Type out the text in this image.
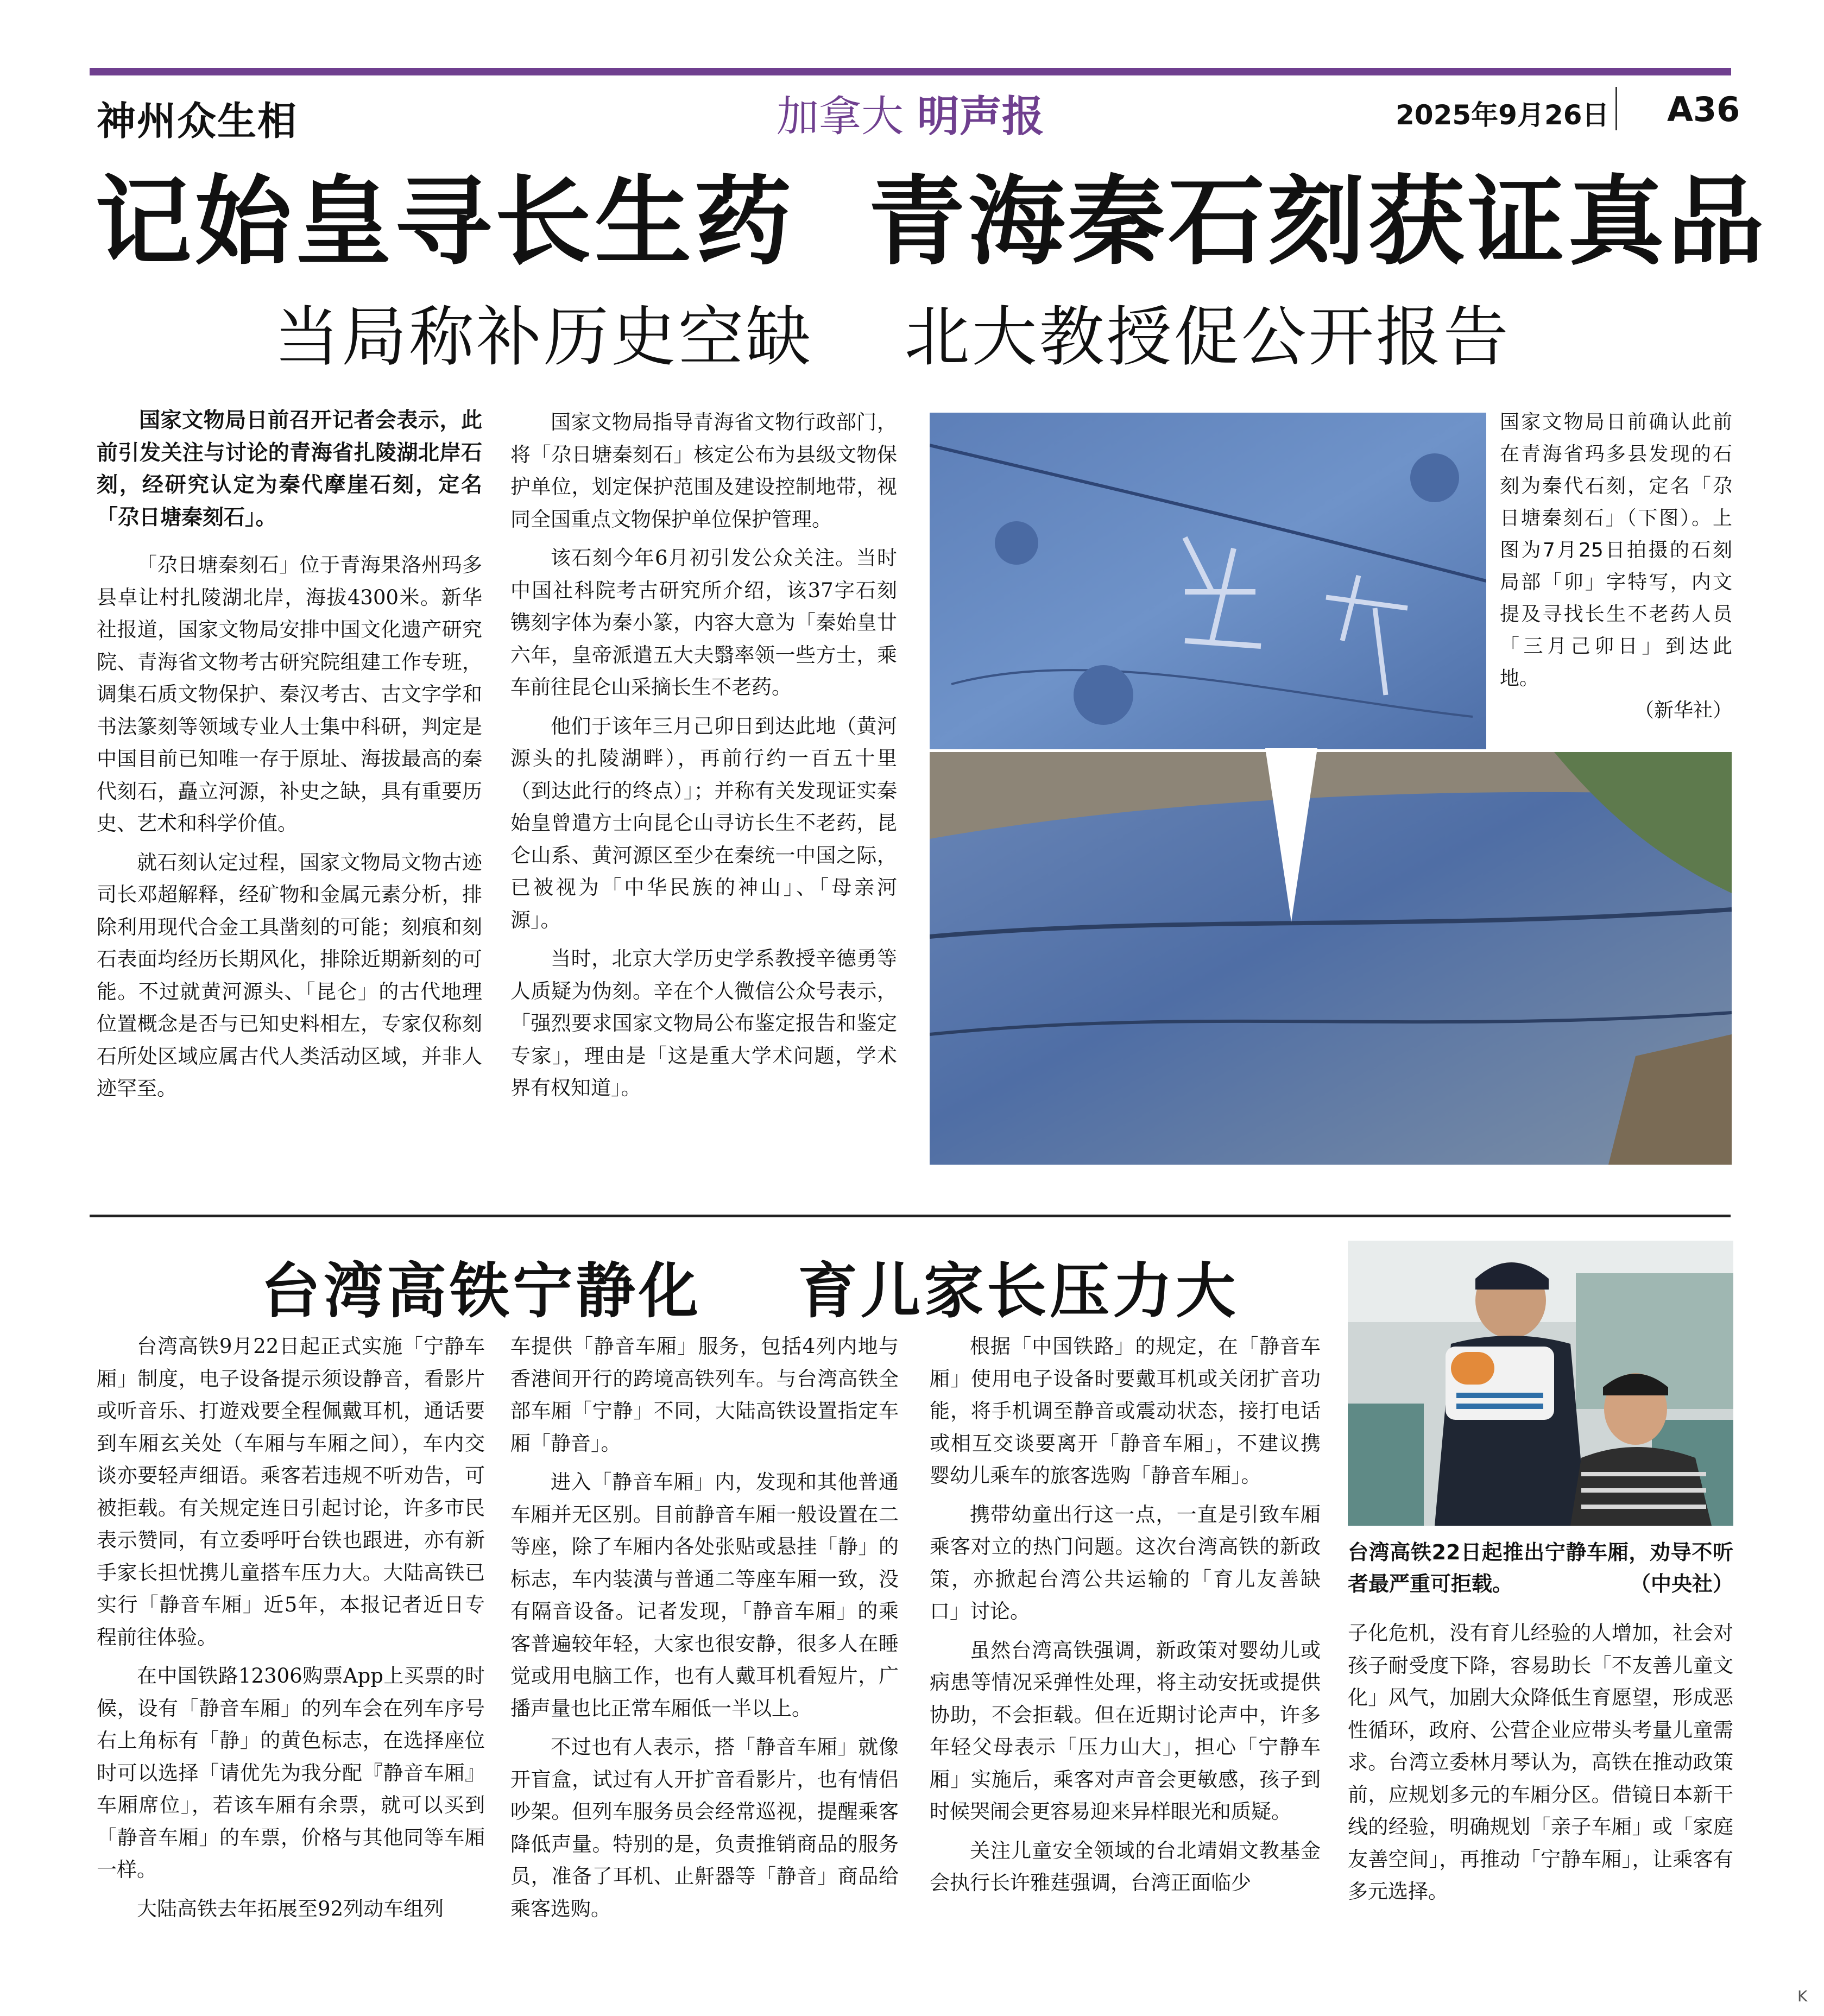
神州众生相	加拿大 明声报	2025年9月26日 A36
记始皇寻长生药  青海秦石刻获证真品
当局称补历史空缺    北大教授促公开报告

国家文物局日前召开记者会表示，此前引发关注与讨论的青海省扎陵湖北岸石刻，经研究认定为秦代摩崖石刻，定名「尕日塘秦刻石」。

「尕日塘秦刻石」位于青海果洛州玛多县卓让村扎陵湖北岸，海拔4300米。新华社报道，国家文物局安排中国文化遗产研究院、青海省文物考古研究院组建工作专班，调集石质文物保护、秦汉考古、古文字学和书法篆刻等领域专业人士集中科研，判定是中国目前已知唯一存于原址、海拔最高的秦代刻石，矗立河源，补史之缺，具有重要历史、艺术和科学价值。

就石刻认定过程，国家文物局文物古迹司长邓超解释，经矿物和金属元素分析，排除利用现代合金工具凿刻的可能；刻痕和刻石表面均经历长期风化，排除近期新刻的可能。不过就黄河源头、「昆仑」的古代地理位置概念是否与已知史料相左，专家仅称刻石所处区域应属古代人类活动区域，并非人迹罕至。

国家文物局指导青海省文物行政部门，将「尕日塘秦刻石」核定公布为县级文物保护单位，划定保护范围及建设控制地带，视同全国重点文物保护单位保护管理。

该石刻今年6月初引发公众关注。当时中国社科院考古研究所介绍，该37字石刻镌刻字体为秦小篆，内容大意为「秦始皇廿六年，皇帝派遣五大夫翳率领一些方士，乘车前往昆仑山采摘长生不老药。

他们于该年三月己卯日到达此地（黄河源头的扎陵湖畔），再前行约一百五十里（到达此行的终点）」；并称有关发现证实秦始皇曾遣方士向昆仑山寻访长生不老药，昆仑山系、黄河源区至少在秦统一中国之际，已被视为「中华民族的神山」、「母亲河源」。

当时，北京大学历史学系教授辛德勇等人质疑为伪刻。辛在个人微信公众号表示，「强烈要求国家文物局公布鉴定报告和鉴定专家」，理由是「这是重大学术问题，学术界有权知道」。

国家文物局日前确认此前在青海省玛多县发现的石刻为秦代石刻，定名「尕日塘秦刻石」（下图）。上图为7月25日拍摄的石刻局部「卯」字特写，内文提及寻找长生不老药人员「三月己卯日」到达此地。
（新华社）
台湾高铁宁静化    育儿家长压力大

台湾高铁9月22日起正式实施「宁静车厢」制度，电子设备提示须设静音，看影片或听音乐、打遊戏要全程佩戴耳机，通话要到车厢玄关处（车厢与车厢之间），车内交谈亦要轻声细语。乘客若违规不听劝告，可被拒载。有关规定连日引起讨论，许多市民表示赞同，有立委呼吁台铁也跟进，亦有新手家长担忧携儿童搭车压力大。大陆高铁已实行「静音车厢」近5年，本报记者近日专程前往体验。

在中国铁路12306购票App上买票的时候，设有「静音车厢」的列车会在列车序号右上角标有「静」的黄色标志，在选择座位时可以选择「请优先为我分配『静音车厢』车厢席位」，若该车厢有余票，就可以买到「静音车厢」的车票，价格与其他同等车厢一样。

大陆高铁去年拓展至92列动车组列

车提供「静音车厢」服务，包括4列内地与香港间开行的跨境高铁列车。与台湾高铁全部车厢「宁静」不同，大陆高铁设置指定车厢「静音」。

进入「静音车厢」内，发现和其他普通车厢并无区别。目前静音车厢一般设置在二等座，除了车厢内各处张贴或悬挂「静」的标志，车内装潢与普通二等座车厢一致，没有隔音设备。记者发现，「静音车厢」的乘客普遍较年轻，大家也很安静，很多人在睡觉或用电脑工作，也有人戴耳机看短片，广播声量也比正常车厢低一半以上。

不过也有人表示，搭「静音车厢」就像开盲盒，试过有人开扩音看影片，也有情侣吵架。但列车服务员会经常巡视，提醒乘客降低声量。特别的是，负责推销商品的服务员，准备了耳机、止鼾器等「静音」商品给乘客选购。

根据「中国铁路」的规定，在「静音车厢」使用电子设备时要戴耳机或关闭扩音功能，将手机调至静音或震动状态，接打电话或相互交谈要离开「静音车厢」，不建议携婴幼儿乘车的旅客选购「静音车厢」。

携带幼童出行这一点，一直是引致车厢乘客对立的热门问题。这次台湾高铁的新政策，亦掀起台湾公共运输的「育儿友善缺口」讨论。

虽然台湾高铁强调，新政策对婴幼儿或病患等情况采弹性处理，将主动安抚或提供协助，不会拒载。但在近期讨论声中，许多年轻父母表示「压力山大」，担心「宁静车厢」实施后，乘客对声音会更敏感，孩子到时候哭闹会更容易迎来异样眼光和质疑。

关注儿童安全领域的台北靖娟文教基金会执行长许雅莛强调，台湾正面临少

台湾高铁22日起推出宁静车厢，劝导不听者最严重可拒载。	（中央社）

子化危机，没有育儿经验的人增加，社会对孩子耐受度下降，容易助长「不友善儿童文化」风气，加剧大众降低生育愿望，形成恶性循环，政府、公营企业应带头考量儿童需求。台湾立委林月琴认为，高铁在推动政策前，应规划多元的车厢分区。借镜日本新干线的经验，明确规划「亲子车厢」或「家庭友善空间」，再推动「宁静车厢」，让乘客有多元选择。

K
